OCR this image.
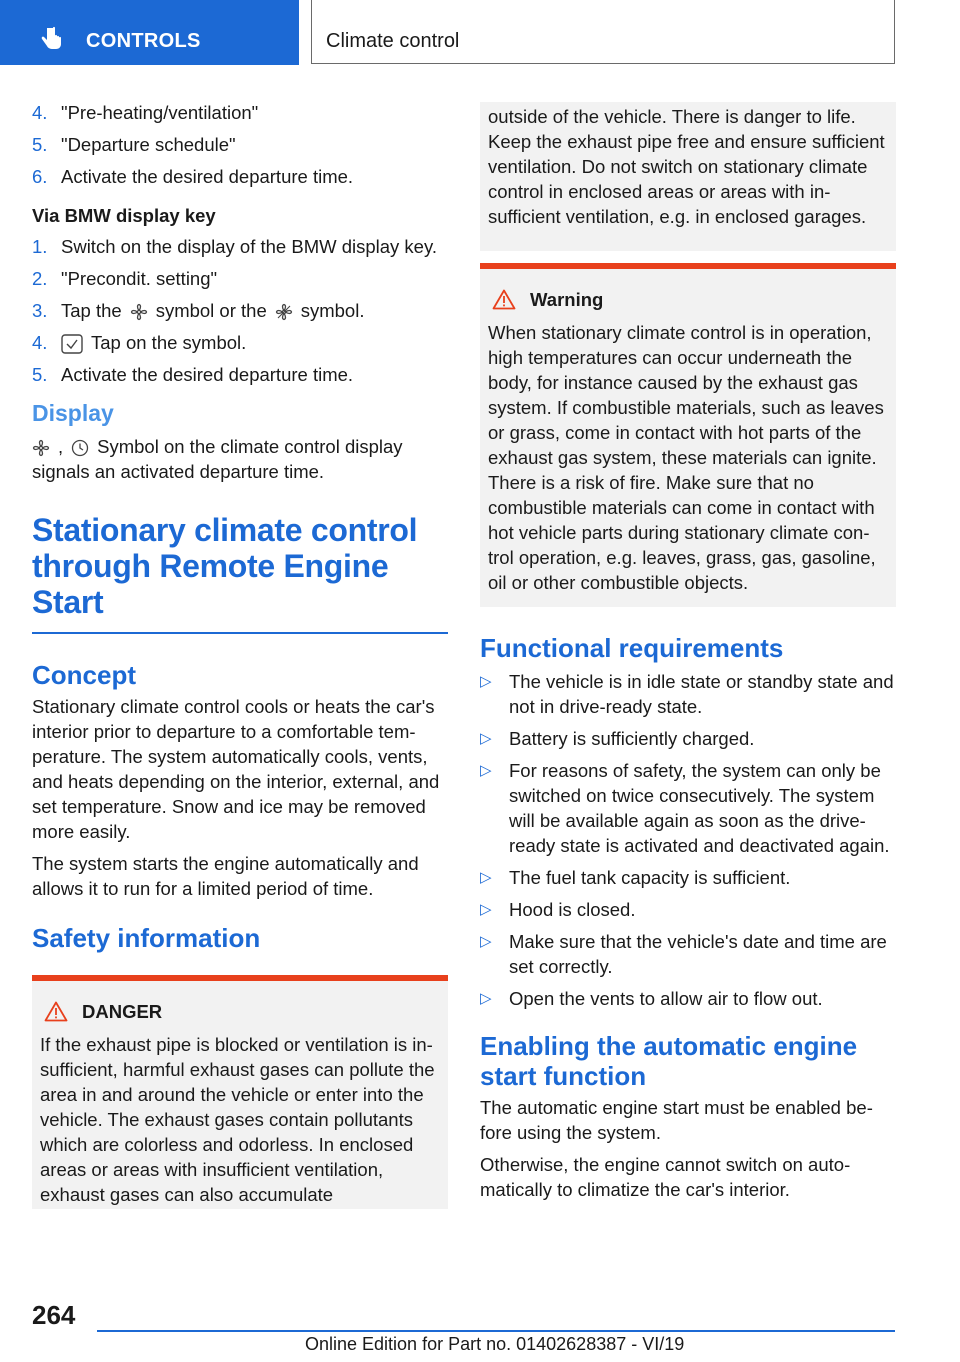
CONTROLS	Climate control
4. "Pre-heating/ventilation"
5. "Departure schedule"
6. Activate the desired departure time.
Via BMW display key
1. Switch on the display of the BMW display key.
2. "Precondit. setting"
3. Tap the symbol or the symbol.
4. Tap on the symbol.
5. Activate the desired departure time.
Display
, Symbol on the climate control display signals an activated departure time.
Stationary climate control through Remote Engine Start
Concept

Stationary climate control cools or heats the car's interior prior to departure to a comfortable temperature. The system automatically cools, vents, and heats depending on the interior, external, and set temperature. Snow and ice may be removed more easily.

The system starts the engine automatically and allows it to run for a limited period of time.

Safety information
DANGER
If the exhaust pipe is blocked or ventilation is insufficient, harmful exhaust gases can pollute the area in and around the vehicle or enter into the vehicle. The exhaust gases contain pollutants which are colorless and odorless. In enclosed areas or areas with insufficient ventilation, exhaust gases can also accumulate
outside of the vehicle. There is danger to life. Keep the exhaust pipe free and ensure sufficient ventilation. Do not switch on stationary climate control in enclosed areas or areas with insufficient ventilation, e.g. in enclosed garages.
Warning
When stationary climate control is in operation, high temperatures can occur underneath the body, for instance caused by the exhaust gas system. If combustible materials, such as leaves or grass, come in contact with hot parts of the exhaust gas system, these materials can ignite. There is a risk of fire. Make sure that no combustible materials can come in contact with hot vehicle parts during stationary climate control operation, e.g. leaves, grass, gas, gasoline, oil or other combustible objects.
Functional requirements
▷ The vehicle is in idle state or standby state and not in drive-ready state.
▷ Battery is sufficiently charged.
▷ For reasons of safety, the system can only be switched on twice consecutively. The system will be available again as soon as the drive-ready state is activated and deactivated again.
▷ The fuel tank capacity is sufficient.
▷ Hood is closed.
▷ Make sure that the vehicle's date and time are set correctly.
▷ Open the vents to allow air to flow out.
Enabling the automatic engine start function

The automatic engine start must be enabled before using the system.

Otherwise, the engine cannot switch on automatically to climatize the car's interior.

264
Online Edition for Part no. 01402628387 - VI/19
